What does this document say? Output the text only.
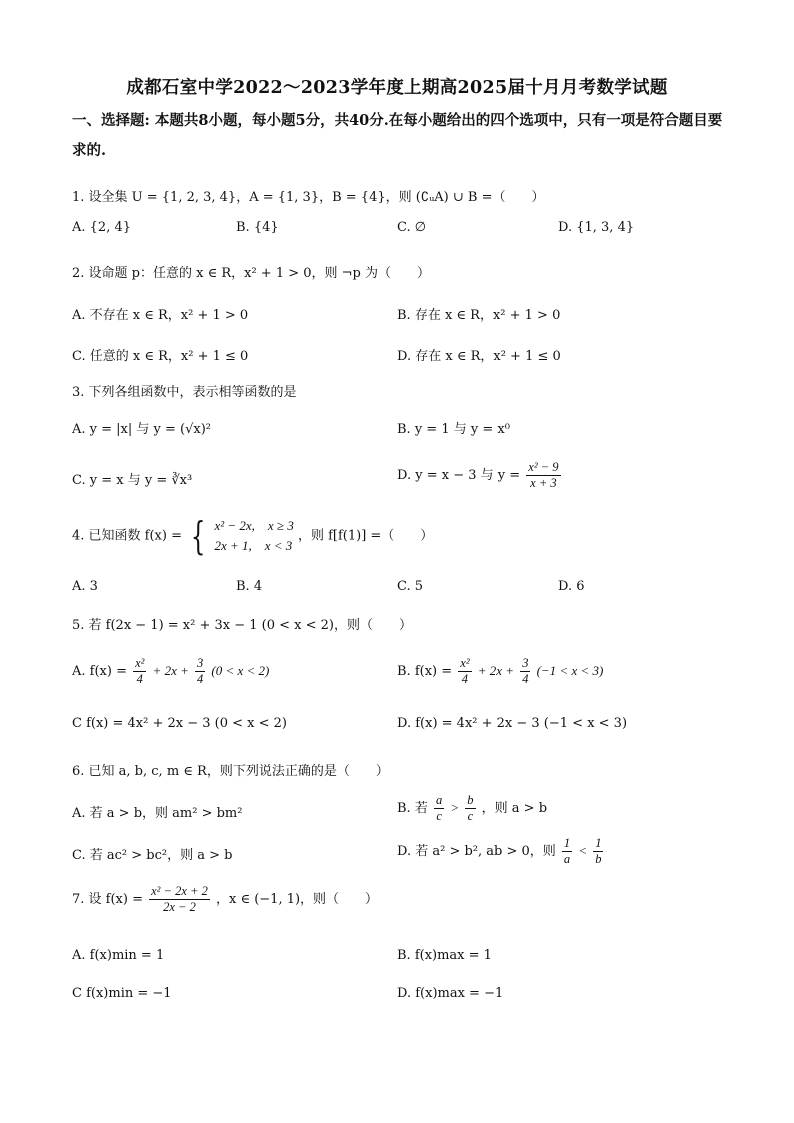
成都石室中学2022～2023学年度上期高2025届十月月考数学试题
一、选择题: 本题共8小题，每小题5分，共40分.在每小题给出的四个选项中，只有一项是符合题目要求的.
1. 设全集 U = {1, 2, 3, 4}，A = {1, 3}，B = {4}，则 (∁ᵤA) ∪ B =（　　）
A. {2, 4}	B. {4}	C. ∅	D. {1, 3, 4}
2. 设命题 p：任意的 x ∈ R，x² + 1 > 0，则 ¬p 为（　　）
A. 不存在 x ∈ R，x² + 1 > 0	B. 存在 x ∈ R，x² + 1 > 0
C. 任意的 x ∈ R，x² + 1 ≤ 0	D. 存在 x ∈ R，x² + 1 ≤ 0
3. 下列各组函数中，表示相等函数的是
A. y = |x| 与 y = (√x)²	B. y = 1 与 y = x⁰
C. y = x 与 y = ∛x³	D. y = x − 3 与 $y = \frac{\text{x² − 9}}{x + 3}$
4. 已知函数 f(x) = { x² − 2x,　x ≥ 3
2x + 1,　x < 3
，则 f[f(1)] =（　　）
A. 3	B. 4	C. 5	D. 6
5. 若 f(2x − 1) = x² + 3x − 1 (0 < x < 2)，则（　　）
A. $f(x) = \frac{\text{x²}}{4} + 2x + \frac{3}{4} (0 < x < 2)$	B. $f(x) = \frac{\text{x²}}{4} + 2x + \frac{3}{4} (-1 < x < 3)$
C f(x) = 4x² + 2x − 3 (0 < x < 2)	D. f(x) = 4x² + 2x − 3 (−1 < x < 3)
6. 已知 a, b, c, m ∈ R，则下列说法正确的是（　　）
A. 若 a > b，则 am² > bm²	B. 若 $\frac{a}{c} > \frac{b}{c}$ ，则 a > b
C. 若 ac² > bc²，则 a > b	D. 若 a² > b², ab > 0，则 $\frac{1}{a} < \frac{1}{b}$
7. 设 $f(x) = \frac{\text{x² − 2x + 2}}{2x - 2}$ ，x ∈ (−1, 1)，则（　　）
A. f(x)min = 1	B. f(x)max = 1
C f(x)min = −1	D. f(x)max = −1
